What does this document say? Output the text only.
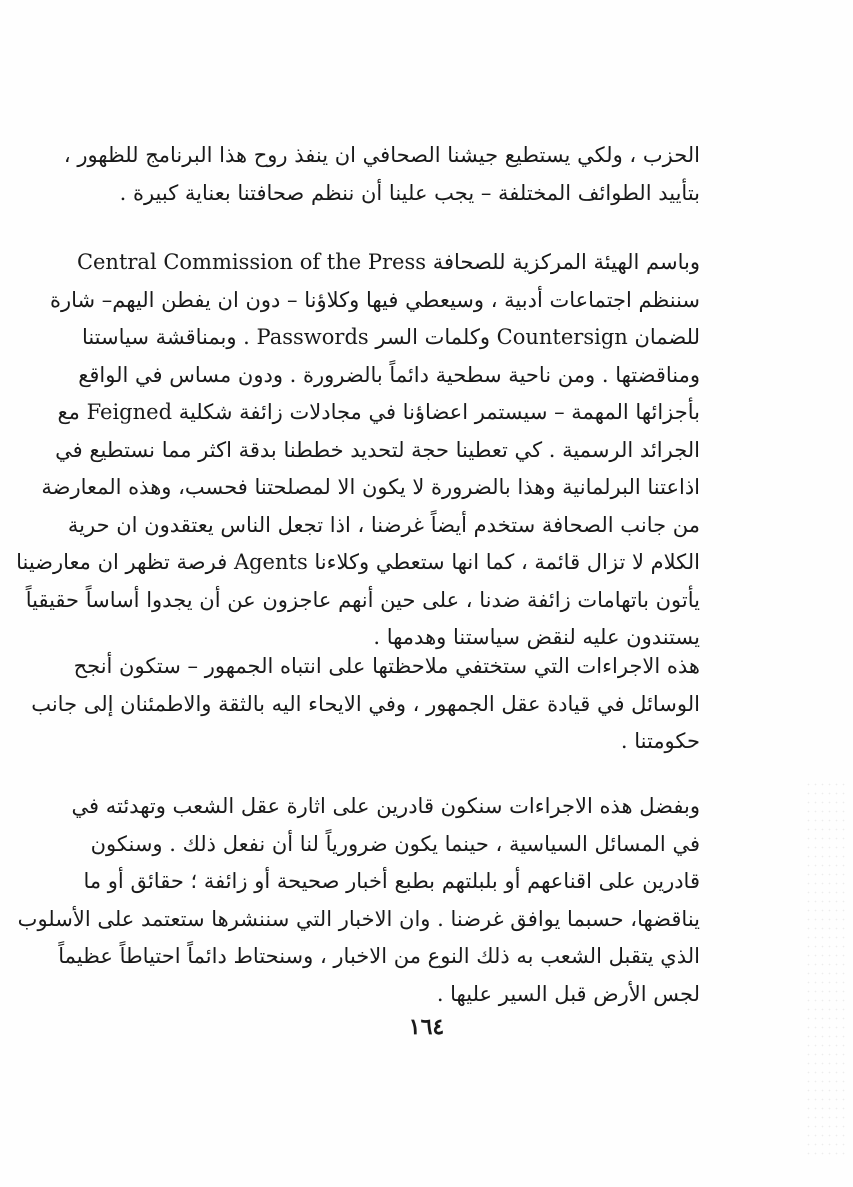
الحزب ، ولكي يستطيع جيشنا الصحافي ان ينفذ روح هذا البرنامج للظهور ،
بتأييد الطوائف المختلفة – يجب علينا أن ننظم صحافتنا بعناية كبيرة .
وباسم الهيئة المركزية للصحافة Central Commission of the Press
سننظم اجتماعات أدبية ، وسيعطي فيها وكلاؤنا – دون ان يفطن اليهم– شارة
للضمان Countersign وكلمات السر Passwords . وبمناقشة سياستنا
ومناقضتها . ومن ناحية سطحية دائماً بالضرورة . ودون مساس في الواقع
بأجزائها المهمة – سيستمر اعضاؤنا في مجادلات زائفة شكلية Feigned مع
الجرائد الرسمية . كي تعطينا حجة لتحديد خططنا بدقة اكثر مما نستطيع في
اذاعتنا البرلمانية وهذا بالضرورة لا يكون الا لمصلحتنا فحسب، وهذه المعارضة
من جانب الصحافة ستخدم أيضاً غرضنا ، اذا تجعل الناس يعتقدون ان حرية
الكلام لا تزال قائمة ، كما انها ستعطي وكلاءنا Agents فرصة تظهر ان معارضينا
يأتون باتهامات زائفة ضدنا ، على حين أنهم عاجزون عن أن يجدوا أساساً حقيقياً
يستندون عليه لنقض سياستنا وهدمها .
هذه الاجراءات التي ستختفي ملاحظتها على انتباه الجمهور – ستكون أنجح
الوسائل في قيادة عقل الجمهور ، وفي الايحاء اليه بالثقة والاطمئنان إلى جانب
حكومتنا .
وبفضل هذه الاجراءات سنكون قادرين على اثارة عقل الشعب وتهدئته في
في المسائل السياسية ، حينما يكون ضرورياً لنا أن نفعل ذلك . وسنكون
قادرين على اقناعهم أو بلبلتهم بطبع أخبار صحيحة أو زائفة ؛ حقائق أو ما
يناقضها، حسبما يوافق غرضنا . وان الاخبار التي سننشرها ستعتمد على الأسلوب
الذي يتقبل الشعب به ذلك النوع من الاخبار ، وسنحتاط دائماً احتياطاً عظيماً
لجس الأرض قبل السير عليها .
١٦٤
